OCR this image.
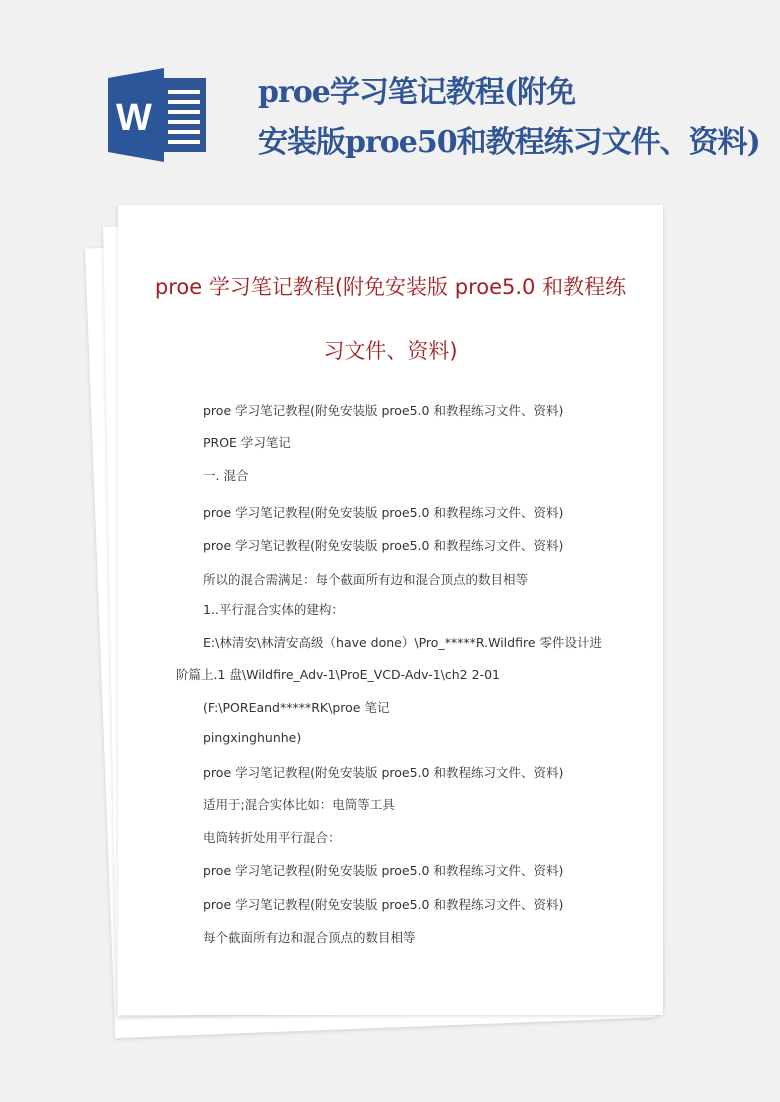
W
proe学习笔记教程(附免
安装版proe50和教程练习文件、资料)
proe 学习笔记教程(附免安装版 proe5.0 和教程练
习文件、资料)
proe 学习笔记教程(附免安装版 proe5.0 和教程练习文件、资料)
PROE 学习笔记
一. 混合
proe 学习笔记教程(附免安装版 proe5.0 和教程练习文件、资料)
proe 学习笔记教程(附免安装版 proe5.0 和教程练习文件、资料)
所以的混合需满足：每个截面所有边和混合顶点的数目相等
1..平行混合实体的建构：
E:\林清安\林清安高级（have done）\Pro_*****R.Wildfire 零件设计进
阶篇上.1 盘\Wildfire_Adv-1\ProE_VCD-Adv-1\ch2 2-01
(F:\POREand*****RK\proe 笔记
pingxinghunhe)
proe 学习笔记教程(附免安装版 proe5.0 和教程练习文件、资料)
适用于;混合实体比如：电筒等工具
电筒转折处用平行混合：
proe 学习笔记教程(附免安装版 proe5.0 和教程练习文件、资料)
proe 学习笔记教程(附免安装版 proe5.0 和教程练习文件、资料)
每个截面所有边和混合顶点的数目相等
